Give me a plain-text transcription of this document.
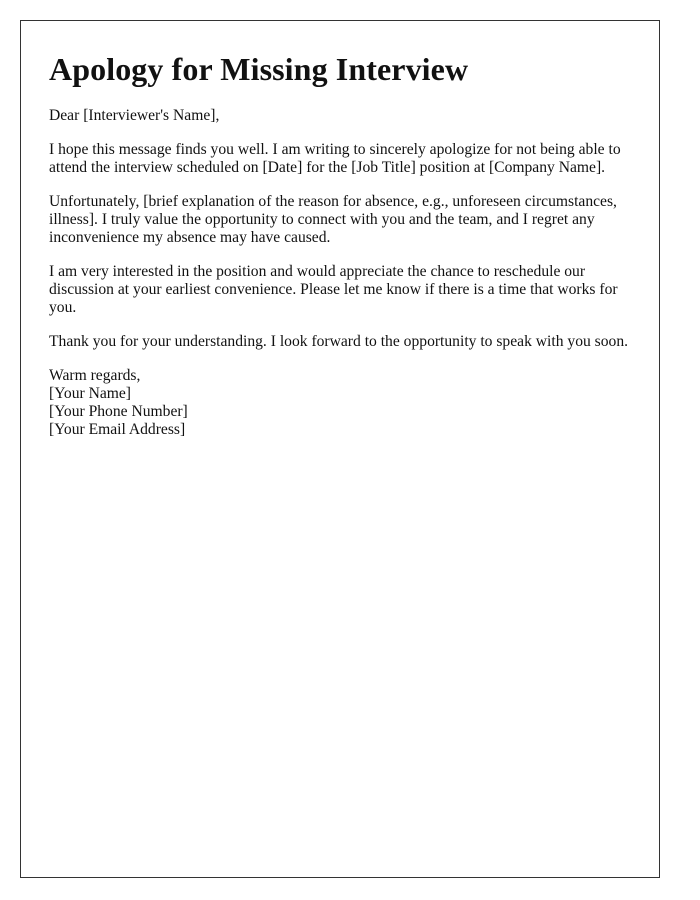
Apology for Missing Interview

Dear [Interviewer's Name],

I hope this message finds you well. I am writing to sincerely apologize for not being able to attend the interview scheduled on [Date] for the [Job Title] position at [Company Name].

Unfortunately, [brief explanation of the reason for absence, e.g., unforeseen circumstances, illness]. I truly value the opportunity to connect with you and the team, and I regret any inconvenience my absence may have caused.

I am very interested in the position and would appreciate the chance to reschedule our discussion at your earliest convenience. Please let me know if there is a time that works for you.

Thank you for your understanding. I look forward to the opportunity to speak with you soon.

Warm regards,
[Your Name]
[Your Phone Number]
[Your Email Address]
